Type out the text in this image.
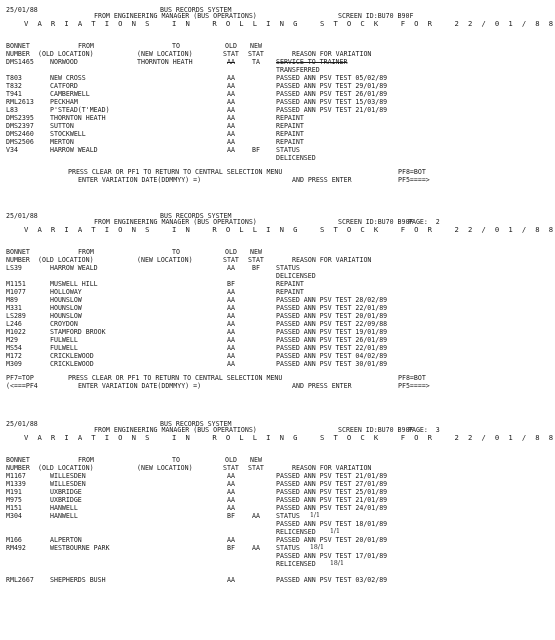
25/01/88	BUS RECORDS SYSTEM
FROM ENGINEERING MANAGER (BUS OPERATIONS)	SCREEN ID:BU70 B90F
V A R I A T I O N S   I N   R O L L I N G   S T O C K   F O R   2 2 / 0 1 / 8 8
BONNET	FROM	TO	OLD NEW
NUMBER (OLD LOCATION)	(NEW LOCATION)	STAT STAT	REASON FOR VARIATION
DMS1465 NORWOOD	THORNTON HEATH	AA	TA SERVICE TO TRAINER
TRANSFERRED
T803	NEW CROSS	AA	PASSED ANN PSV TEST 05/02/89
T832	CATFORD	AA	PASSED ANN PSV TEST 29/01/89
T941	CAMBERWELL	AA	PASSED ANN PSV TEST 26/01/89
RML2613 PECKHAM	AA	PASSED ANN PSV TEST 15/03/89
L83	P'STEAD(T'MEAD)	AA	PASSED ANN PSV TEST 21/01/89
DMS2395 THORNTON HEATH	AA	REPAINT
DMS2397 SUTTON	AA	REPAINT
DMS2460 STOCKWELL	AA	REPAINT
DMS2506 MERTON	AA	REPAINT
V34	HARROW WEALD	AA	BF STATUS
DELICENSED
PRESS CLEAR OR PF1 TO RETURN TO CENTRAL SELECTION MENU	PF8=BOT
ENTER VARIATION DATE(DDMMYY) =)	AND PRESS ENTER	PF5====>
25/01/88	BUS RECORDS SYSTEM
FROM ENGINEERING MANAGER (BUS OPERATIONS)	SCREEN ID:BU70 B90F
PAGE:  2
V A R I A T I O N S   I N   R O L L I N G   S T O C K   F O R   2 2 / 0 1 / 8 8
BONNET	FROM	TO	OLD NEW
NUMBER (OLD LOCATION)	(NEW LOCATION)	STAT STAT	REASON FOR VARIATION
LS39	HARROW WEALD	AA	BF STATUS
DELICENSED
M1151	MUSWELL HILL	BF	REPAINT
M1077	HOLLOWAY	AA	REPAINT
M89	HOUNSLOW	AA	PASSED ANN PSV TEST 28/02/89
M331	HOUNSLOW	AA	PASSED ANN PSV TEST 22/01/89
LS289	HOUNSLOW	AA	PASSED ANN PSV TEST 20/01/89
L246	CROYDON	AA	PASSED ANN PSV TEST 22/09/88
M1022	STAMFORD BROOK	AA	PASSED ANN PSV TEST 19/01/89
M29	FULWELL	AA	PASSED ANN PSV TEST 26/01/89
MS54	FULWELL	AA	PASSED ANN PSV TEST 22/01/89
M172	CRICKLEWOOD	AA	PASSED ANN PSV TEST 04/02/89
M309	CRICKLEWOOD	AA	PASSED ANN PSV TEST 30/01/89
PF7=TOP	PRESS CLEAR OR PF1 TO RETURN TO CENTRAL SELECTION MENU	PF8=BOT
(<===PF4	ENTER VARIATION DATE(DDMMYY) =)	AND PRESS ENTER	PF5====>
25/01/88	BUS RECORDS SYSTEM
FROM ENGINEERING MANAGER (BUS OPERATIONS)	SCREEN ID:BU70 B90F
PAGE:  3
V A R I A T I O N S   I N   R O L L I N G   S T O C K   F O R   2 2 / 0 1 / 8 8
BONNET	FROM	TO	OLD NEW
NUMBER (OLD LOCATION)	(NEW LOCATION)	STAT STAT	REASON FOR VARIATION
M1167	WILLESDEN	AA	PASSED ANN PSV TEST 21/01/89
M1339	WILLESDEN	AA	PASSED ANN PSV TEST 27/01/89
M191	UXBRIDGE	AA	PASSED ANN PSV TEST 25/01/89
M975	UXBRIDGE	AA	PASSED ANN PSV TEST 21/01/89
M151	HANWELL	AA	PASSED ANN PSV TEST 24/01/89
M304	HANWELL	BF	AA STATUS 1/1
PASSED ANN PSV TEST 18/01/89
RELICENSED 1/1
M166	ALPERTON	AA	PASSED ANN PSV TEST 20/01/89
RM492	WESTBOURNE PARK	BF	AA STATUS 18/1
PASSED ANN PSV TEST 17/01/89
RELICENSED 18/1
RML2667 SHEPHERDS BUSH	AA	PASSED ANN PSV TEST 03/02/89
